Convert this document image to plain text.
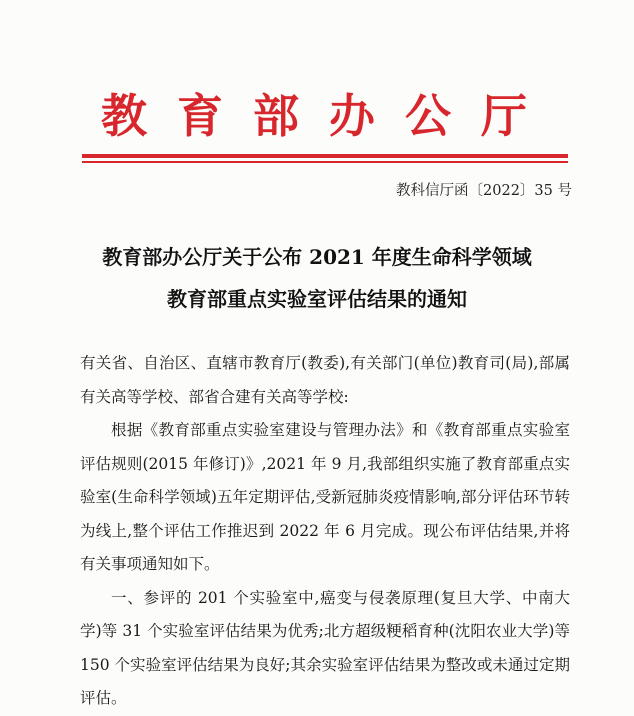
教育部办公厅
教科信厅函〔2022〕35 号
教育部办公厅关于公布 2021 年度生命科学领域
教育部重点实验室评估结果的通知

有关省、自治区、直辖市教育厅(教委),有关部门(单位)教育司(局),部属有关高等学校、部省合建有关高等学校:

根据《教育部重点实验室建设与管理办法》和《教育部重点实验室评估规则(2015 年修订)》,2021 年 9 月,我部组织实施了教育部重点实验室(生命科学领域)五年定期评估,受新冠肺炎疫情影响,部分评估环节转为线上,整个评估工作推迟到 2022 年 6 月完成。现公布评估结果,并将有关事项通知如下。

一、参评的 201 个实验室中,癌变与侵袭原理(复旦大学、中南大学)等 31 个实验室评估结果为优秀;北方超级粳稻育种(沈阳农业大学)等 150 个实验室评估结果为良好;其余实验室评估结果为整改或未通过定期评估。
